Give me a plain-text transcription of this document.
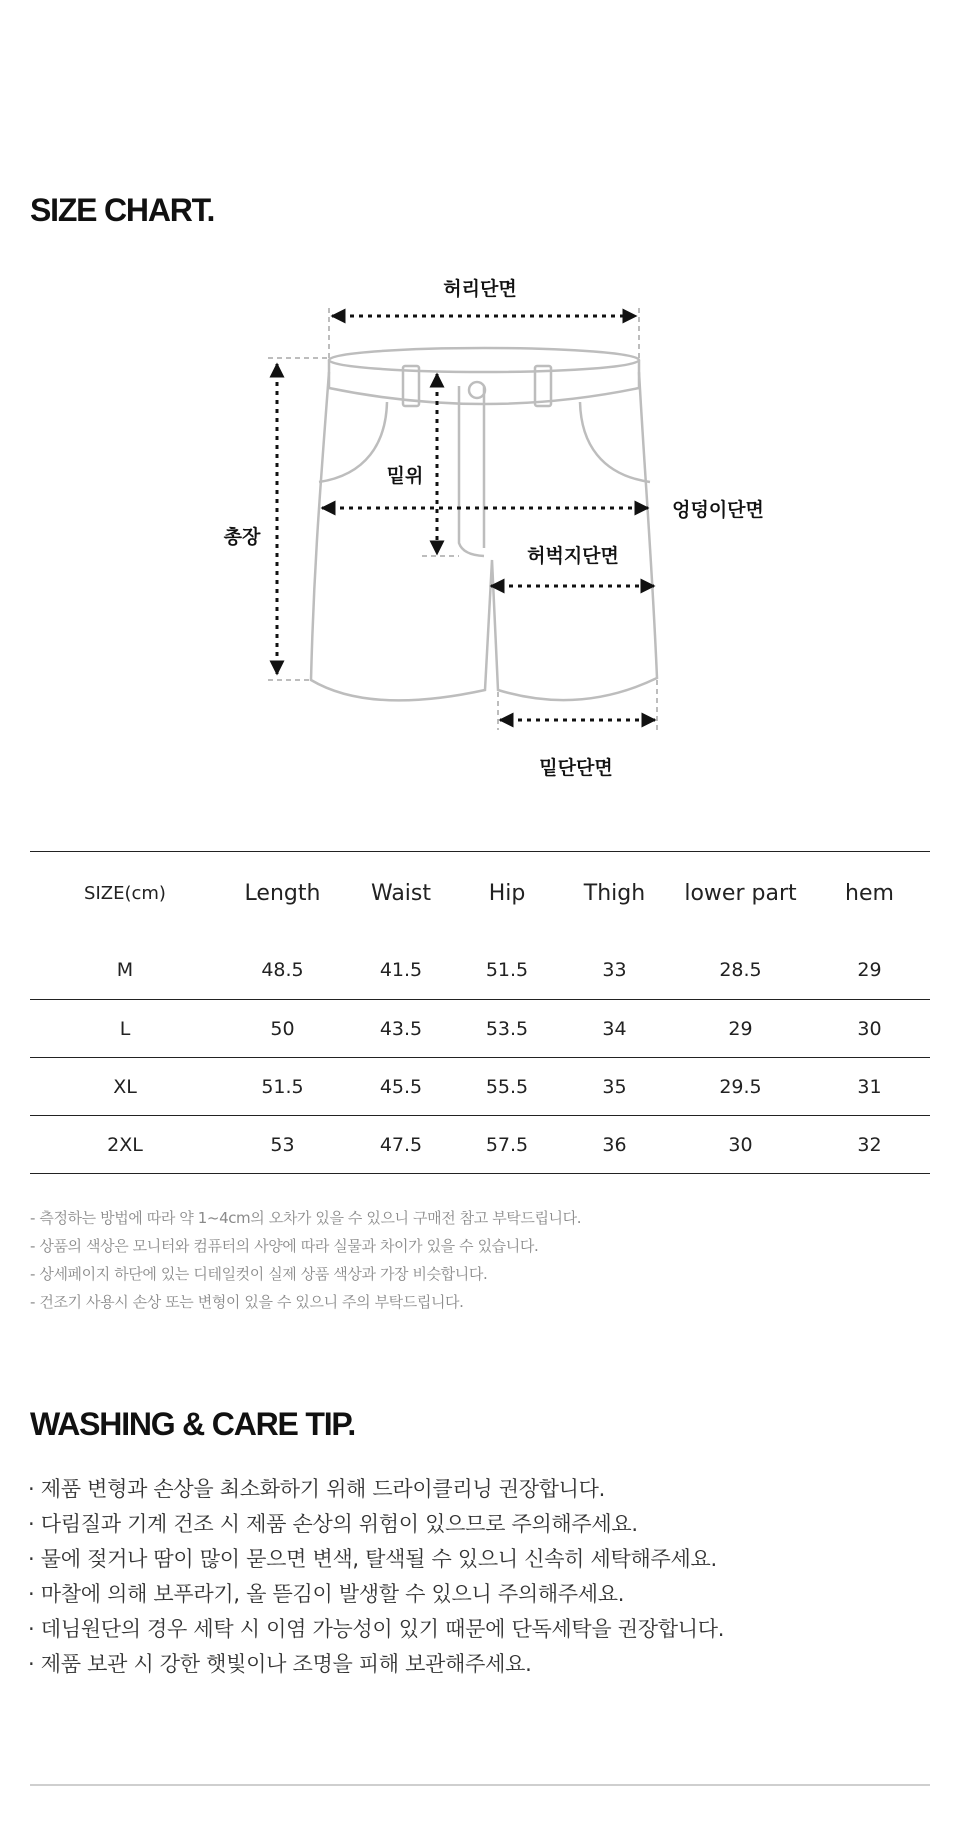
SIZE CHART.
허리단면
밑위
총장
엉덩이단면
허벅지단면
밑단단면
SIZE(cm)	Length	Waist	Hip	Thigh	lower part	hem
M	48.5	41.5	51.5	33	28.5	29
L	50	43.5	53.5	34	29	30
XL	51.5	45.5	55.5	35	29.5	31
2XL	53	47.5	57.5	36	30	32
- 측정하는 방법에 따라 약 1~4cm의 오차가 있을 수 있으니 구매전 참고 부탁드립니다.
- 상품의 색상은 모니터와 컴퓨터의 사양에 따라 실물과 차이가 있을 수 있습니다.
- 상세페이지 하단에 있는 디테일컷이 실제 상품 색상과 가장 비슷합니다.
- 건조기 사용시 손상 또는 변형이 있을 수 있으니 주의 부탁드립니다.
WASHING & CARE TIP.
· 제품 변형과 손상을 최소화하기 위해 드라이클리닝 권장합니다.
· 다림질과 기계 건조 시 제품 손상의 위험이 있으므로 주의해주세요.
· 물에 젖거나 땀이 많이 묻으면 변색, 탈색될 수 있으니 신속히 세탁해주세요.
· 마찰에 의해 보푸라기, 올 뜯김이 발생할 수 있으니 주의해주세요.
· 데님원단의 경우 세탁 시 이염 가능성이 있기 때문에 단독세탁을 권장합니다.
· 제품 보관 시 강한 햇빛이나 조명을 피해 보관해주세요.
